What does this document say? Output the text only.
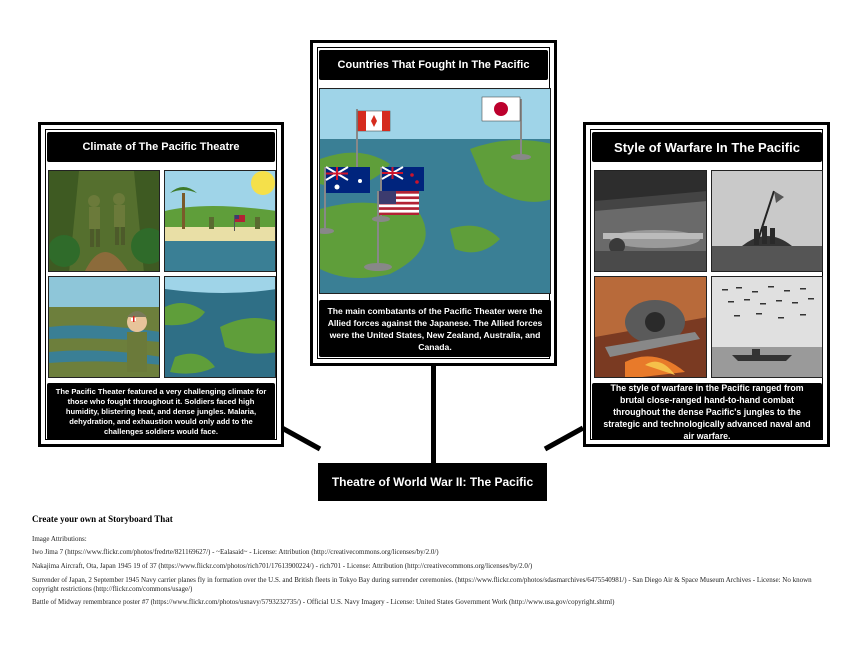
Climate of The Pacific Theatre
The Pacific Theater featured a very challenging climate for those who fought throughout it. Soldiers faced high humidity, blistering heat, and dense jungles. Malaria, dehydration, and exhaustion would only add to the challenges soldiers would face.
Countries That Fought In The Pacific
The main combatants of the Pacific Theater were the Allied forces against the Japanese. The Allied forces were the United States, New Zealand, Australia, and Canada.
Style of Warfare In The Pacific
The style of warfare in the Pacific ranged from brutal close-ranged hand-to-hand combat throughout the dense Pacific's jungles to the strategic and technologically advanced naval and air warfare.
Theatre of World War II: The Pacific
Create your own at Storyboard That
Image Attributions:
Iwo Jima 7 (https://www.flickr.com/photos/fredrte/821169627/) - ~Ealasaid~ - License: Attribution (http://creativecommons.org/licenses/by/2.0/)
Nakajima Aircraft, Ota, Japan 1945 19 of 37 (https://www.flickr.com/photos/rich701/17613900224/) - rich701 - License: Attribution (http://creativecommons.org/licenses/by/2.0/)
Surrender of Japan, 2 September 1945 Navy carrier planes fly in formation over the U.S. and British fleets in Tokyo Bay during surrender ceremonies. (https://www.flickr.com/photos/sdasmarchives/6475540981/) - San Diego Air & Space Museum Archives - License: No known copyright restrictions (http://flickr.com/commons/usage/)
Battle of Midway remembrance poster #7 (https://www.flickr.com/photos/usnavy/5793232735/) - Official U.S. Navy Imagery - License: United States Government Work (http://www.usa.gov/copyright.shtml)
